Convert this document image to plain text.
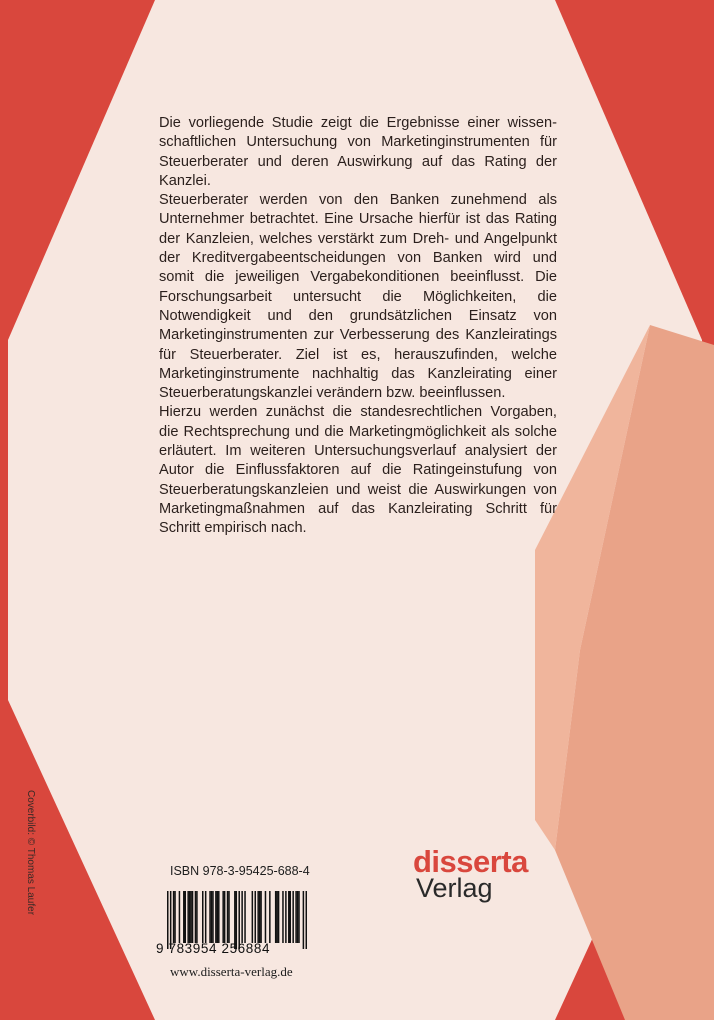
Die vorliegende Studie zeigt die Ergebnisse einer wissenschaftlichen Untersuchung von Marketinginstrumenten für Steuerberater und deren Auswirkung auf das Rating der Kanzlei.

Steuerberater werden von den Banken zunehmend als Unternehmer betrachtet. Eine Ursache hierfür ist das Rating der Kanzleien, welches verstärkt zum Dreh- und Angelpunkt der Kreditvergabeentscheidungen von Banken wird und somit die jeweiligen Vergabekonditionen beeinflusst. Die Forschungsarbeit untersucht die Möglichkeiten, die Notwendigkeit und den grundsätzlichen Einsatz von Marketinginstrumenten zur Verbesserung des Kanzleiratings für Steuerberater. Ziel ist es, herauszufinden, welche Marketinginstrumente nachhaltig das Kanzleirating einer Steuerberatungskanzlei verändern bzw. beeinflussen.

Hierzu werden zunächst die standesrechtlichen Vorgaben, die Rechtsprechung und die Marketingmöglichkeit als solche erläutert. Im weiteren Untersuchungsverlauf analysiert der Autor die Einflussfaktoren auf die Ratingeinstufung von Steuerberatungskanzleien und weist die Auswirkungen von Marketingmaßnahmen auf das Kanzleirating Schritt für Schritt empirisch nach.

Coverbild: © Thomas Laufer	ISBN 978-3-95425-688-4
9 783954 256884
www.disserta-verlag.de
disserta
Verlag
